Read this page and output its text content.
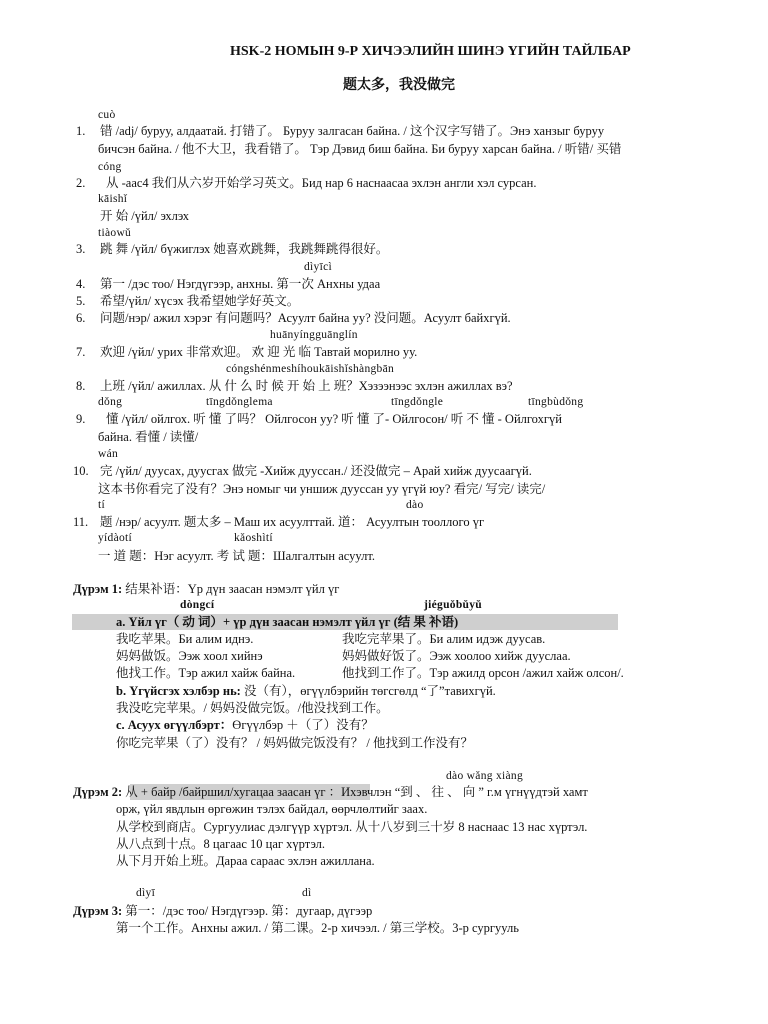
HSK-2 НОМЫН 9-Р ХИЧЭЭЛИЙН ШИНЭ ҮГИЙН ТАЙЛБАР
题太多，我没做完
cuò
1. 错 /adj/ буруу, алдаатай. 打错了。 Буруу залгасан байна. / 这个汉字写错了。Энэ ханзыг буруу
бичсэн байна. / 他不大卫，我看错了。 Тэр Дэвид биш байна. Би буруу харсан байна. / 听错/ 买错
cóng
2. 从 -аас4 我们从六岁开始学习英文。Бид нар 6 наснаасаа эхлэн англи хэл сурсан.
kāishǐ
开 始 /үйл/ эхлэх
tiàowǔ
3. 跳 舞 /үйл/ бүжиглэх 她喜欢跳舞，我跳舞跳得很好。
dìyīcì
4. 第一 /дэс тоо/ Нэгдүгээр, анхны. 第一次 Анхны удаа
5. 希望/үйл/ хүсэх 我希望她学好英文。
6. 问题/нэр/ ажил хэрэг 有问题吗？Асуулт байна уу? 没问题。Асуулт байхгүй.
huānyíngguānglín
7. 欢迎 /үйл/ урих 非常欢迎。 欢 迎 光 临 Тавтай морилно уу.
cóngshénmeshíhoukāishǐshàngbān
8. 上班 /үйл/ ажиллах. 从 什 么 时 候 开 始 上 班？Хэзээнээс эхлэн ажиллах вэ?
dǒng	tīngdǒnglema	tīngdǒngle	tīngbùdǒng
9. 懂 /үйл/ ойлгох. 听 懂 了吗？ Ойлгосон уу? 听 懂 了- Ойлгосон/ 听 不 懂 - Ойлгохгүй
байна. 看懂 / 读懂/
wán
10. 完 /үйл/ дуусах, дуусгах 做完 -Хийж дууссан./ 还没做完 – Арай хийж дуусаагүй.
这本书你看完了没有？Энэ номыг чи уншиж дууссан уу үгүй юу? 看完/ 写完/ 读完/
tí	dào
11. 题 /нэр/ асуулт. 题太多 – Маш их асуулттай. 道： Асуултын тооллого үг
yídàotí	kǎoshìtí
一 道 题：Нэг асуулт. 考 试 题：Шалгалтын асуулт.
Дүрэм 1: 结果补语：Үр дүн заасан нэмэлт үйл үг
dòngcí	jiéguǒbǔyǔ
a. Үйл үг（ 动 词）+ үр дүн заасан нэмэлт үйл үг (结 果 补语)
我吃苹果。Би алим иднэ.	我吃完苹果了。Би алим идэж дуусав.
妈妈做饭。Ээж хоол хийнэ	妈妈做好饭了。Ээж хоолоо хийж дууслаа.
他找工作。Тэр ажил хайж байна.	他找到工作了。Тэр ажилд орсон /ажил хайж олсон/.
b. Үгүйсгэх хэлбэр нь: 没（有），өгүүлбэрийн төгсгөлд “了”тавихгүй.
我没吃完苹果。/ 妈妈没做完饭。/他没找到工作。
c. Асуух өгүүлбэрт：Өгүүлбэр ＋（了）没有？
你吃完苹果（了）没有？ / 妈妈做完饭没有？ / 他找到工作没有？
dào wǎng xiàng
Дүрэм 2: 从 + байр /байршил/хугацаа заасан үг ：Ихэвчлэн “到 、 往 、 向 ” г.м үгнүүдтэй хамт
орж, үйл явдлын өргөжин тэлэх байдал, өөрчлөлтийг заах.
从学校到商店。Сургуулиас дэлгүүр хүртэл. 从十八岁到三十岁 8 наснаас 13 нас хүртэл.
从八点到十点。8 цагаас 10 цаг хүртэл.
从下月开始上班。Дараа сараас эхлэн ажиллана.
dìyī	dì
Дүрэм 3: 第一：/дэс тоо/ Нэгдүгээр. 第：дугаар, дүгээр
第一个工作。Анхны ажил. / 第二课。2-р хичээл. / 第三学校。3-р сургууль
